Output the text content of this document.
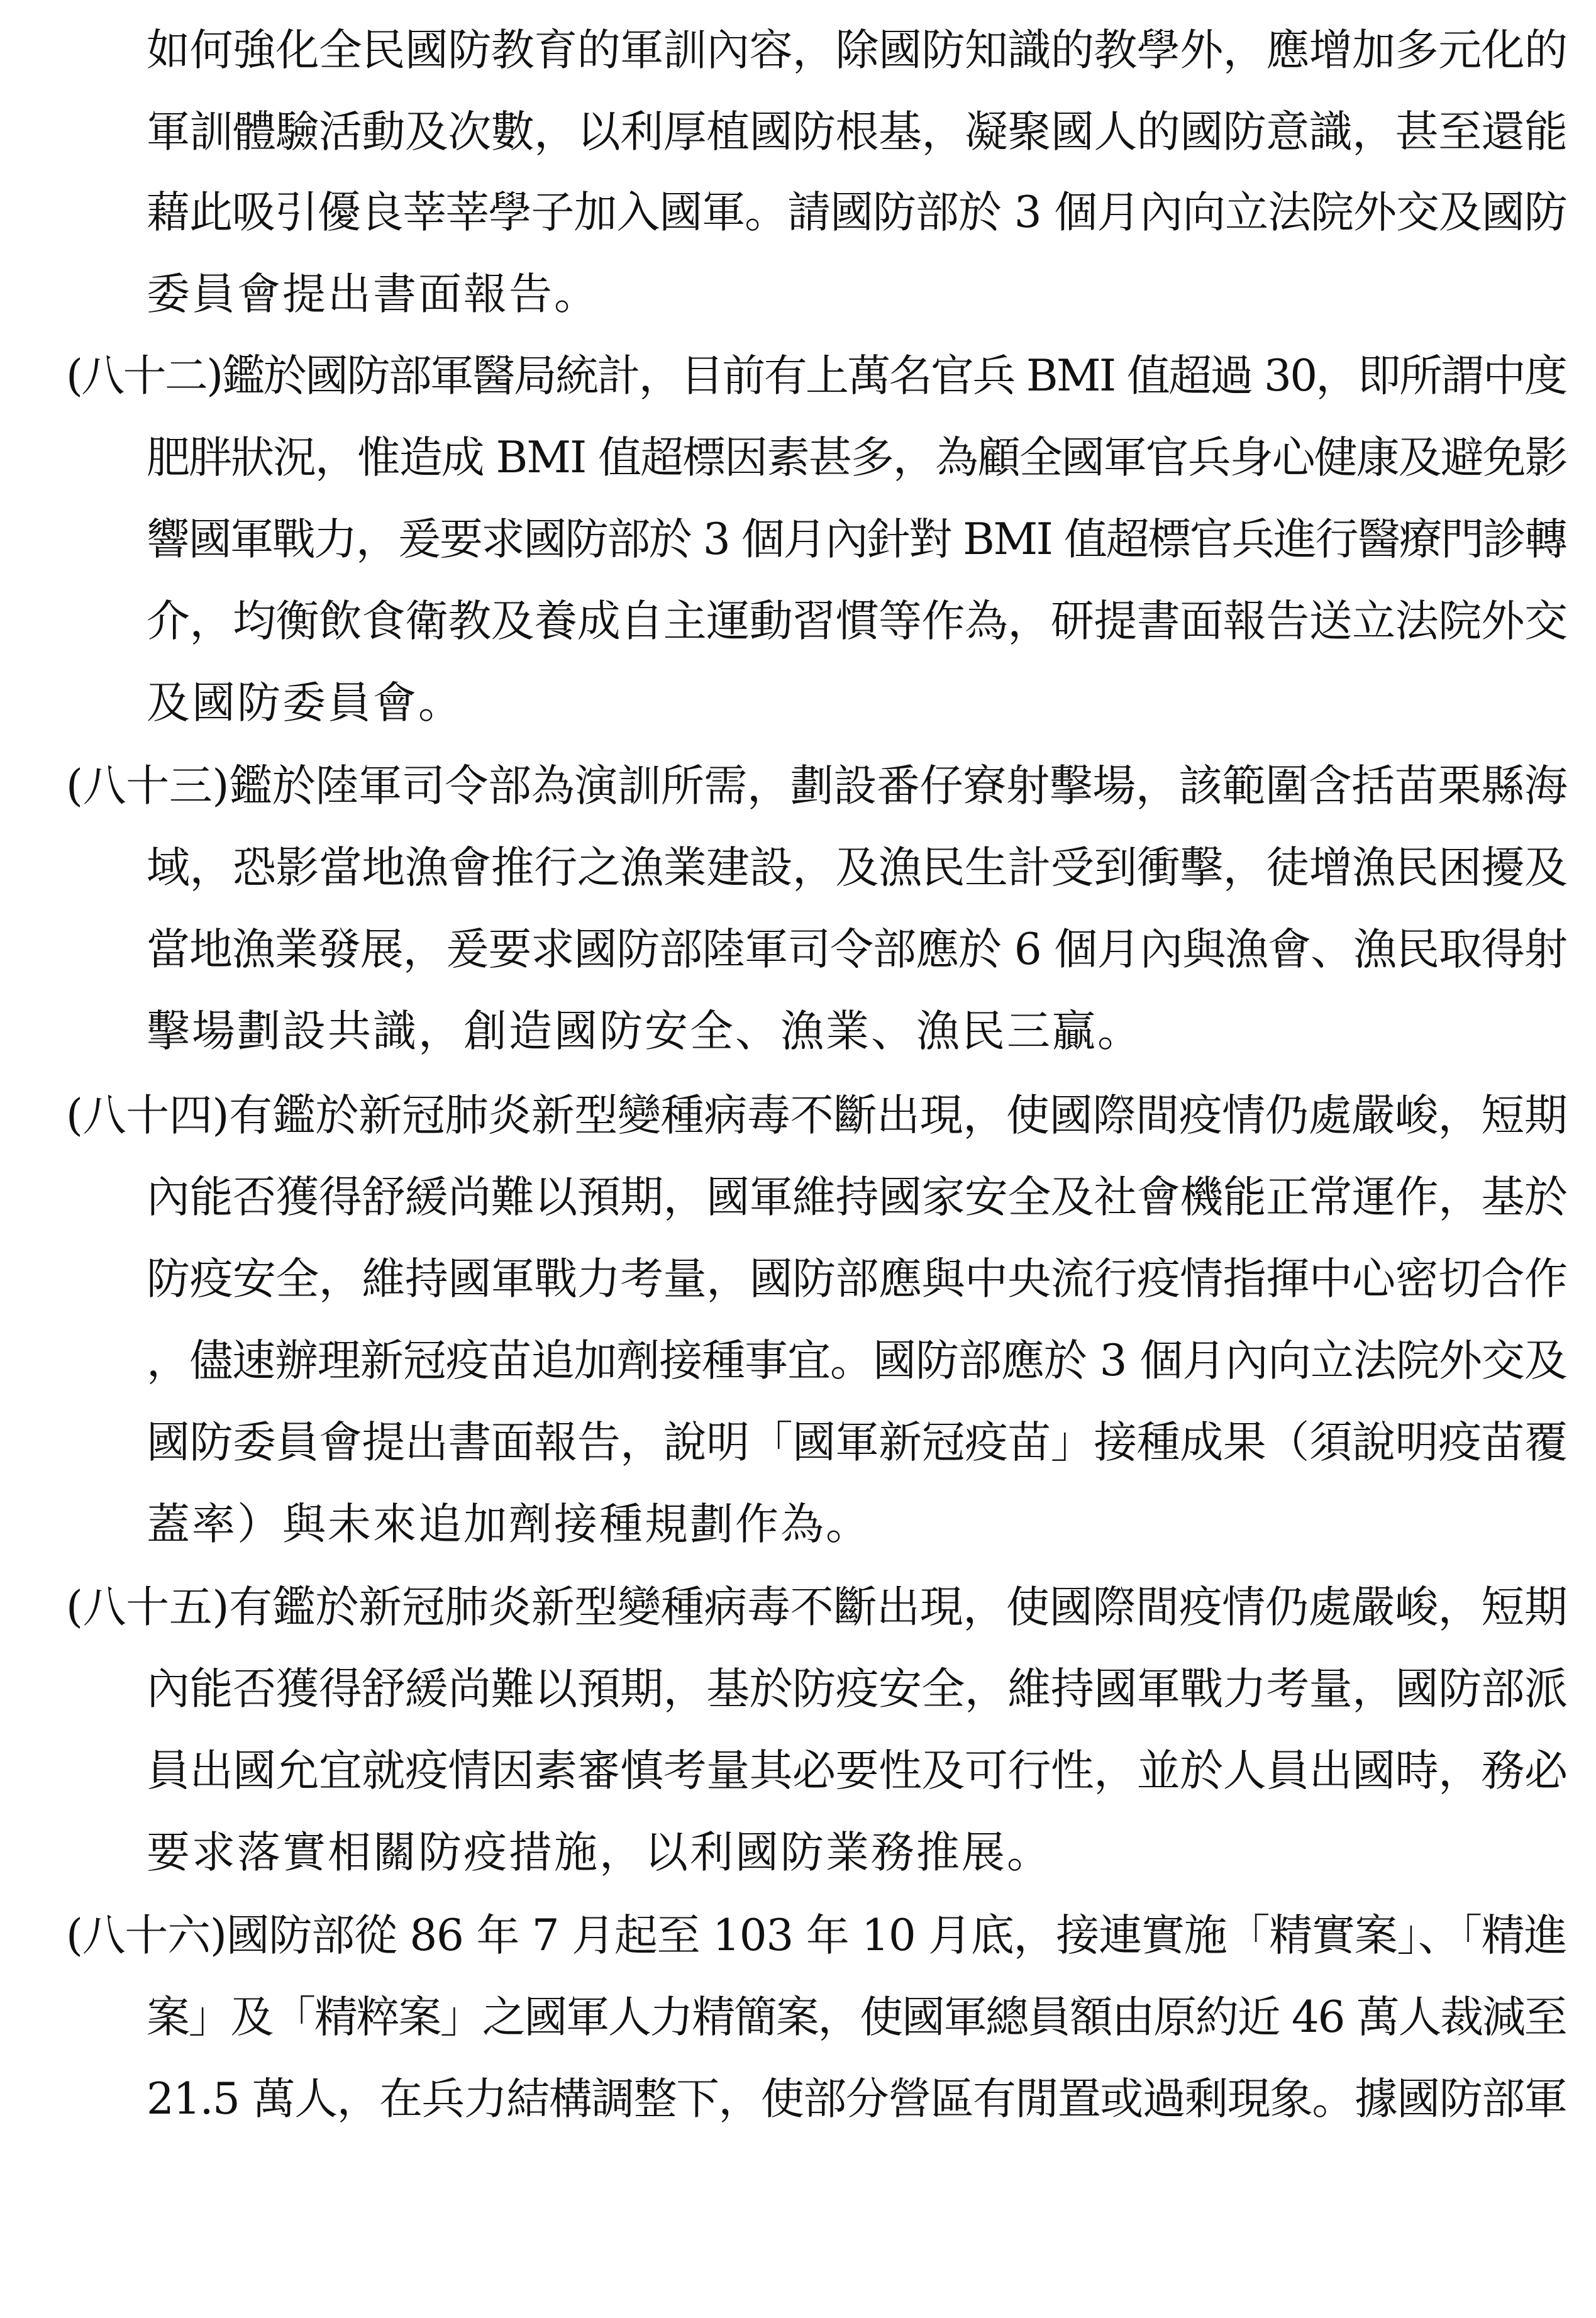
如何強化全民國防教育的軍訓內容，除國防知識的教學外，應增加多元化的
軍訓體驗活動及次數，以利厚植國防根基，凝聚國人的國防意識，甚至還能
藉此吸引優良莘莘學子加入國軍。請國防部於 3 個月內向立法院外交及國防
委員會提出書面報告。
(八十二)鑑於國防部軍醫局統計，目前有上萬名官兵 BMI 值超過 30，即所謂中度
肥胖狀況，惟造成 BMI 值超標因素甚多，為顧全國軍官兵身心健康及避免影
響國軍戰力，爰要求國防部於 3 個月內針對 BMI 值超標官兵進行醫療門診轉
介，均衡飲食衛教及養成自主運動習慣等作為，研提書面報告送立法院外交
及國防委員會。
(八十三)鑑於陸軍司令部為演訓所需，劃設番仔寮射擊場，該範圍含括苗栗縣海
域，恐影當地漁會推行之漁業建設，及漁民生計受到衝擊，徒增漁民困擾及
當地漁業發展，爰要求國防部陸軍司令部應於 6 個月內與漁會、漁民取得射
擊場劃設共識，創造國防安全、漁業、漁民三贏。
(八十四)有鑑於新冠肺炎新型變種病毒不斷出現，使國際間疫情仍處嚴峻，短期
內能否獲得舒緩尚難以預期，國軍維持國家安全及社會機能正常運作，基於
防疫安全，維持國軍戰力考量，國防部應與中央流行疫情指揮中心密切合作
，儘速辦理新冠疫苗追加劑接種事宜。國防部應於 3 個月內向立法院外交及
國防委員會提出書面報告，說明「國軍新冠疫苗」接種成果（須說明疫苗覆
蓋率）與未來追加劑接種規劃作為。
(八十五)有鑑於新冠肺炎新型變種病毒不斷出現，使國際間疫情仍處嚴峻，短期
內能否獲得舒緩尚難以預期，基於防疫安全，維持國軍戰力考量，國防部派
員出國允宜就疫情因素審慎考量其必要性及可行性，並於人員出國時，務必
要求落實相關防疫措施，以利國防業務推展。
(八十六)國防部從 86 年 7 月起至 103 年 10 月底，接連實施「精實案」、「精進
案」及「精粹案」之國軍人力精簡案，使國軍總員額由原約近 46 萬人裁減至
21.5 萬人，在兵力結構調整下，使部分營區有閒置或過剩現象。據國防部軍
